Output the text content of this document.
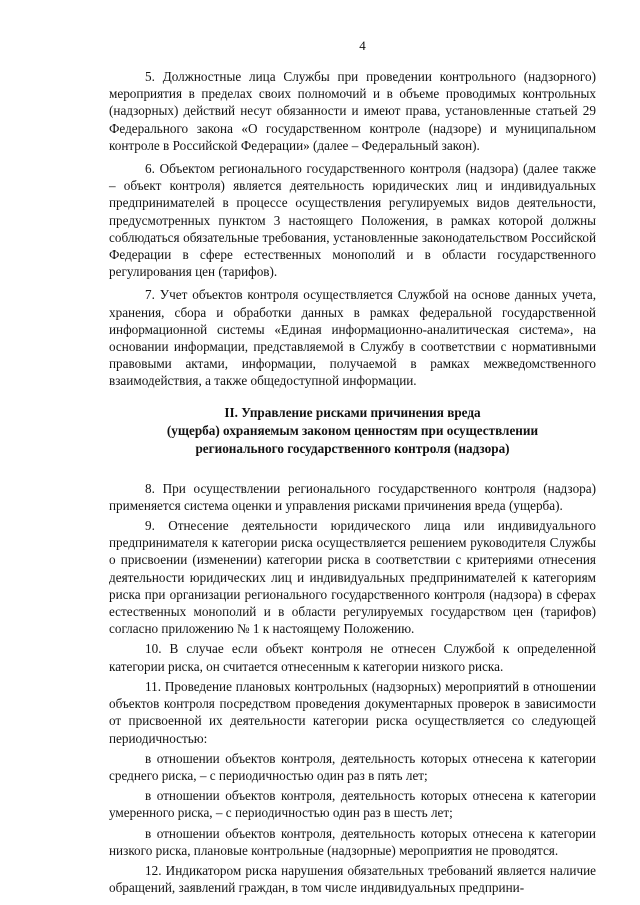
4

5. Должностные лица Службы при проведении контрольного (надзорного) мероприятия в пределах своих полномочий и в объеме проводимых контрольных (надзорных) действий несут обязанности и имеют права, установленные статьей 29 Федерального закона «О государственном контроле (надзоре) и муниципальном контроле в Российской Федерации» (далее – Федеральный закон).

6. Объектом регионального государственного контроля (надзора) (далее также – объект контроля) является деятельность юридических лиц и индивидуальных предпринимателей в процессе осуществления регулируемых видов деятельности, предусмотренных пунктом 3 настоящего Положения, в рамках которой должны соблюдаться обязательные требования, установленные законодательством Российской Федерации в сфере естественных монополий и в области государственного регулирования цен (тарифов).

7. Учет объектов контроля осуществляется Службой на основе данных учета, хранения, сбора и обработки данных в рамках федеральной государственной информационной системы «Единая информационно-аналитическая система», на основании информации, представляемой в Службу в соответствии с нормативными правовыми актами, информации, получаемой в рамках межведомственного взаимодействия, а также общедоступной информации.

II. Управление рисками причинения вреда
(ущерба) охраняемым законом ценностям при осуществлении
регионального государственного контроля (надзора)

8. При осуществлении регионального государственного контроля (надзора) применяется система оценки и управления рисками причинения вреда (ущерба).

9. Отнесение деятельности юридического лица или индивидуального предпринимателя к категории риска осуществляется решением руководителя Службы о присвоении (изменении) категории риска в соответствии с критериями отнесения деятельности юридических лиц и индивидуальных предпринимателей к категориям риска при организации регионального государственного контроля (надзора) в сферах естественных монополий и в области регулируемых государством цен (тарифов) согласно приложению № 1 к настоящему Положению.

10. В случае если объект контроля не отнесен Службой к определенной категории риска, он считается отнесенным к категории низкого риска.

11. Проведение плановых контрольных (надзорных) мероприятий в отношении объектов контроля посредством проведения документарных проверок в зависимости от присвоенной их деятельности категории риска осуществляется со следующей периодичностью:

в отношении объектов контроля, деятельность которых отнесена к категории среднего риска, – с периодичностью один раз в пять лет;

в отношении объектов контроля, деятельность которых отнесена к категории умеренного риска, – с периодичностью один раз в шесть лет;

в отношении объектов контроля, деятельность которых отнесена к категории низкого риска, плановые контрольные (надзорные) мероприятия не проводятся.

12. Индикатором риска нарушения обязательных требований является наличие обращений, заявлений граждан, в том числе индивидуальных предприни-
